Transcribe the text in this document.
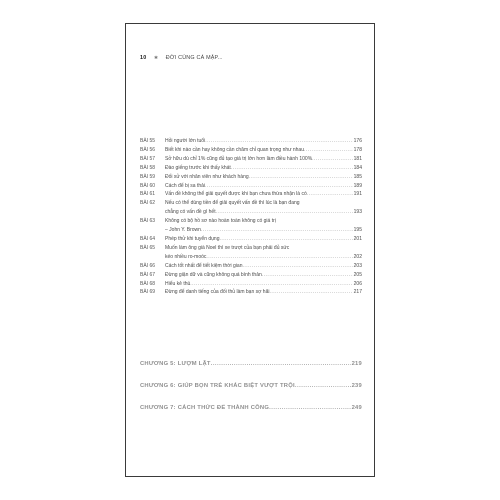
10 ✱ ĐỜI CÙNG CÁ MẬP...
BÀI 55	Hỏi người lớn tuổi .....	176
BÀI 56	Biết khi nào cần hay không cần chăm chỉ quan trọng như nhau .....	178
BÀI 57	Sở hữu dù chỉ 1% cũng đủ tạo giá trị lớn hơn làm điều hành 100% .....	181
BÀI 58	Đào giếng trước khi thấy khát .....	184
BÀI 59	Đối xử với nhân viên như khách hàng .....	185
BÀI 60	Cách để bị sa thải .....	189
BÀI 61	Vấn đề không thể giải quyết được khi bạn chưa thừa nhận là có .....	191
BÀI 62	Nếu có thể dùng tiền để giải quyết vấn đề thì lúc là bạn đang
chẳng có vấn đề gì hết .....	193
BÀI 63	Không có bộ hồ sơ nào hoàn toàn không có giá trị
– John Y. Brown .....	195
BÀI 64	Phép thử khi tuyển dụng .....	201
BÀI 65	Muốn làm ông già Noel thì xe trượt của bạn phải đủ sức
kéo nhiều ro-moóc .....	202
BÀI 66	Cách tốt nhất để tiết kiệm thời gian .....	203
BÀI 67	Đừng giận dữ và cũng không quá bình thản .....	205
BÀI 68	Hiểu kẻ thù .....	206
BÀI 69	Đừng để danh tiếng của đối thủ làm bạn sợ hãi .....	217
CHƯƠNG 5: LƯỢM LẶT .....	219
CHƯƠNG 6: GIÚP BỌN TRẺ KHÁC BIỆT VƯỢT TRỘI .....	239
CHƯƠNG 7: CÁCH THỨC ĐỂ THÀNH CÔNG .....	249
